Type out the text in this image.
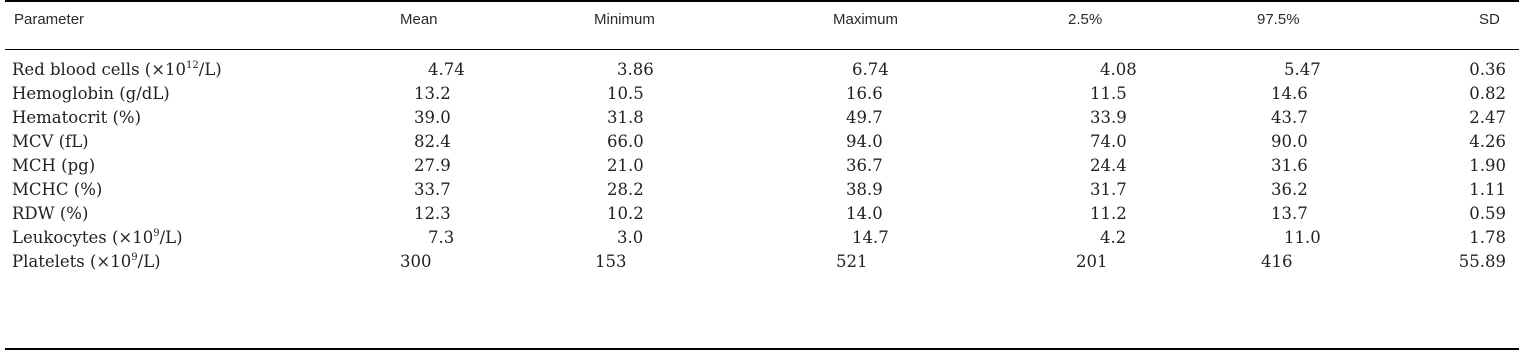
Parameter	Mean	Minimum	Maximum	2.5%	97.5%	SD
Red blood cells $(\times 10^{12}/L)$	4.74	3.86	6.74	4.08	5.47	0.36
Hemoglobin (g/dL)	13.2	10.5	16.6	11.5	14.6	0.82
Hematocrit (%)	39.0	31.8	49.7	33.9	43.7	2.47
MCV (fL)	82.4	66.0	94.0	74.0	90.0	4.26
MCH (pg)	27.9	21.0	36.7	24.4	31.6	1.90
MCHC (%)	33.7	28.2	38.9	31.7	36.2	1.11
RDW (%)	12.3	10.2	14.0	11.2	13.7	0.59
Leukocytes $(\times 10^9/L)$	7.3	3.0	14.7	4.2	11.0	1.78
Platelets $(\times 10^9/L)$	300	153	521	201	416	55.89
